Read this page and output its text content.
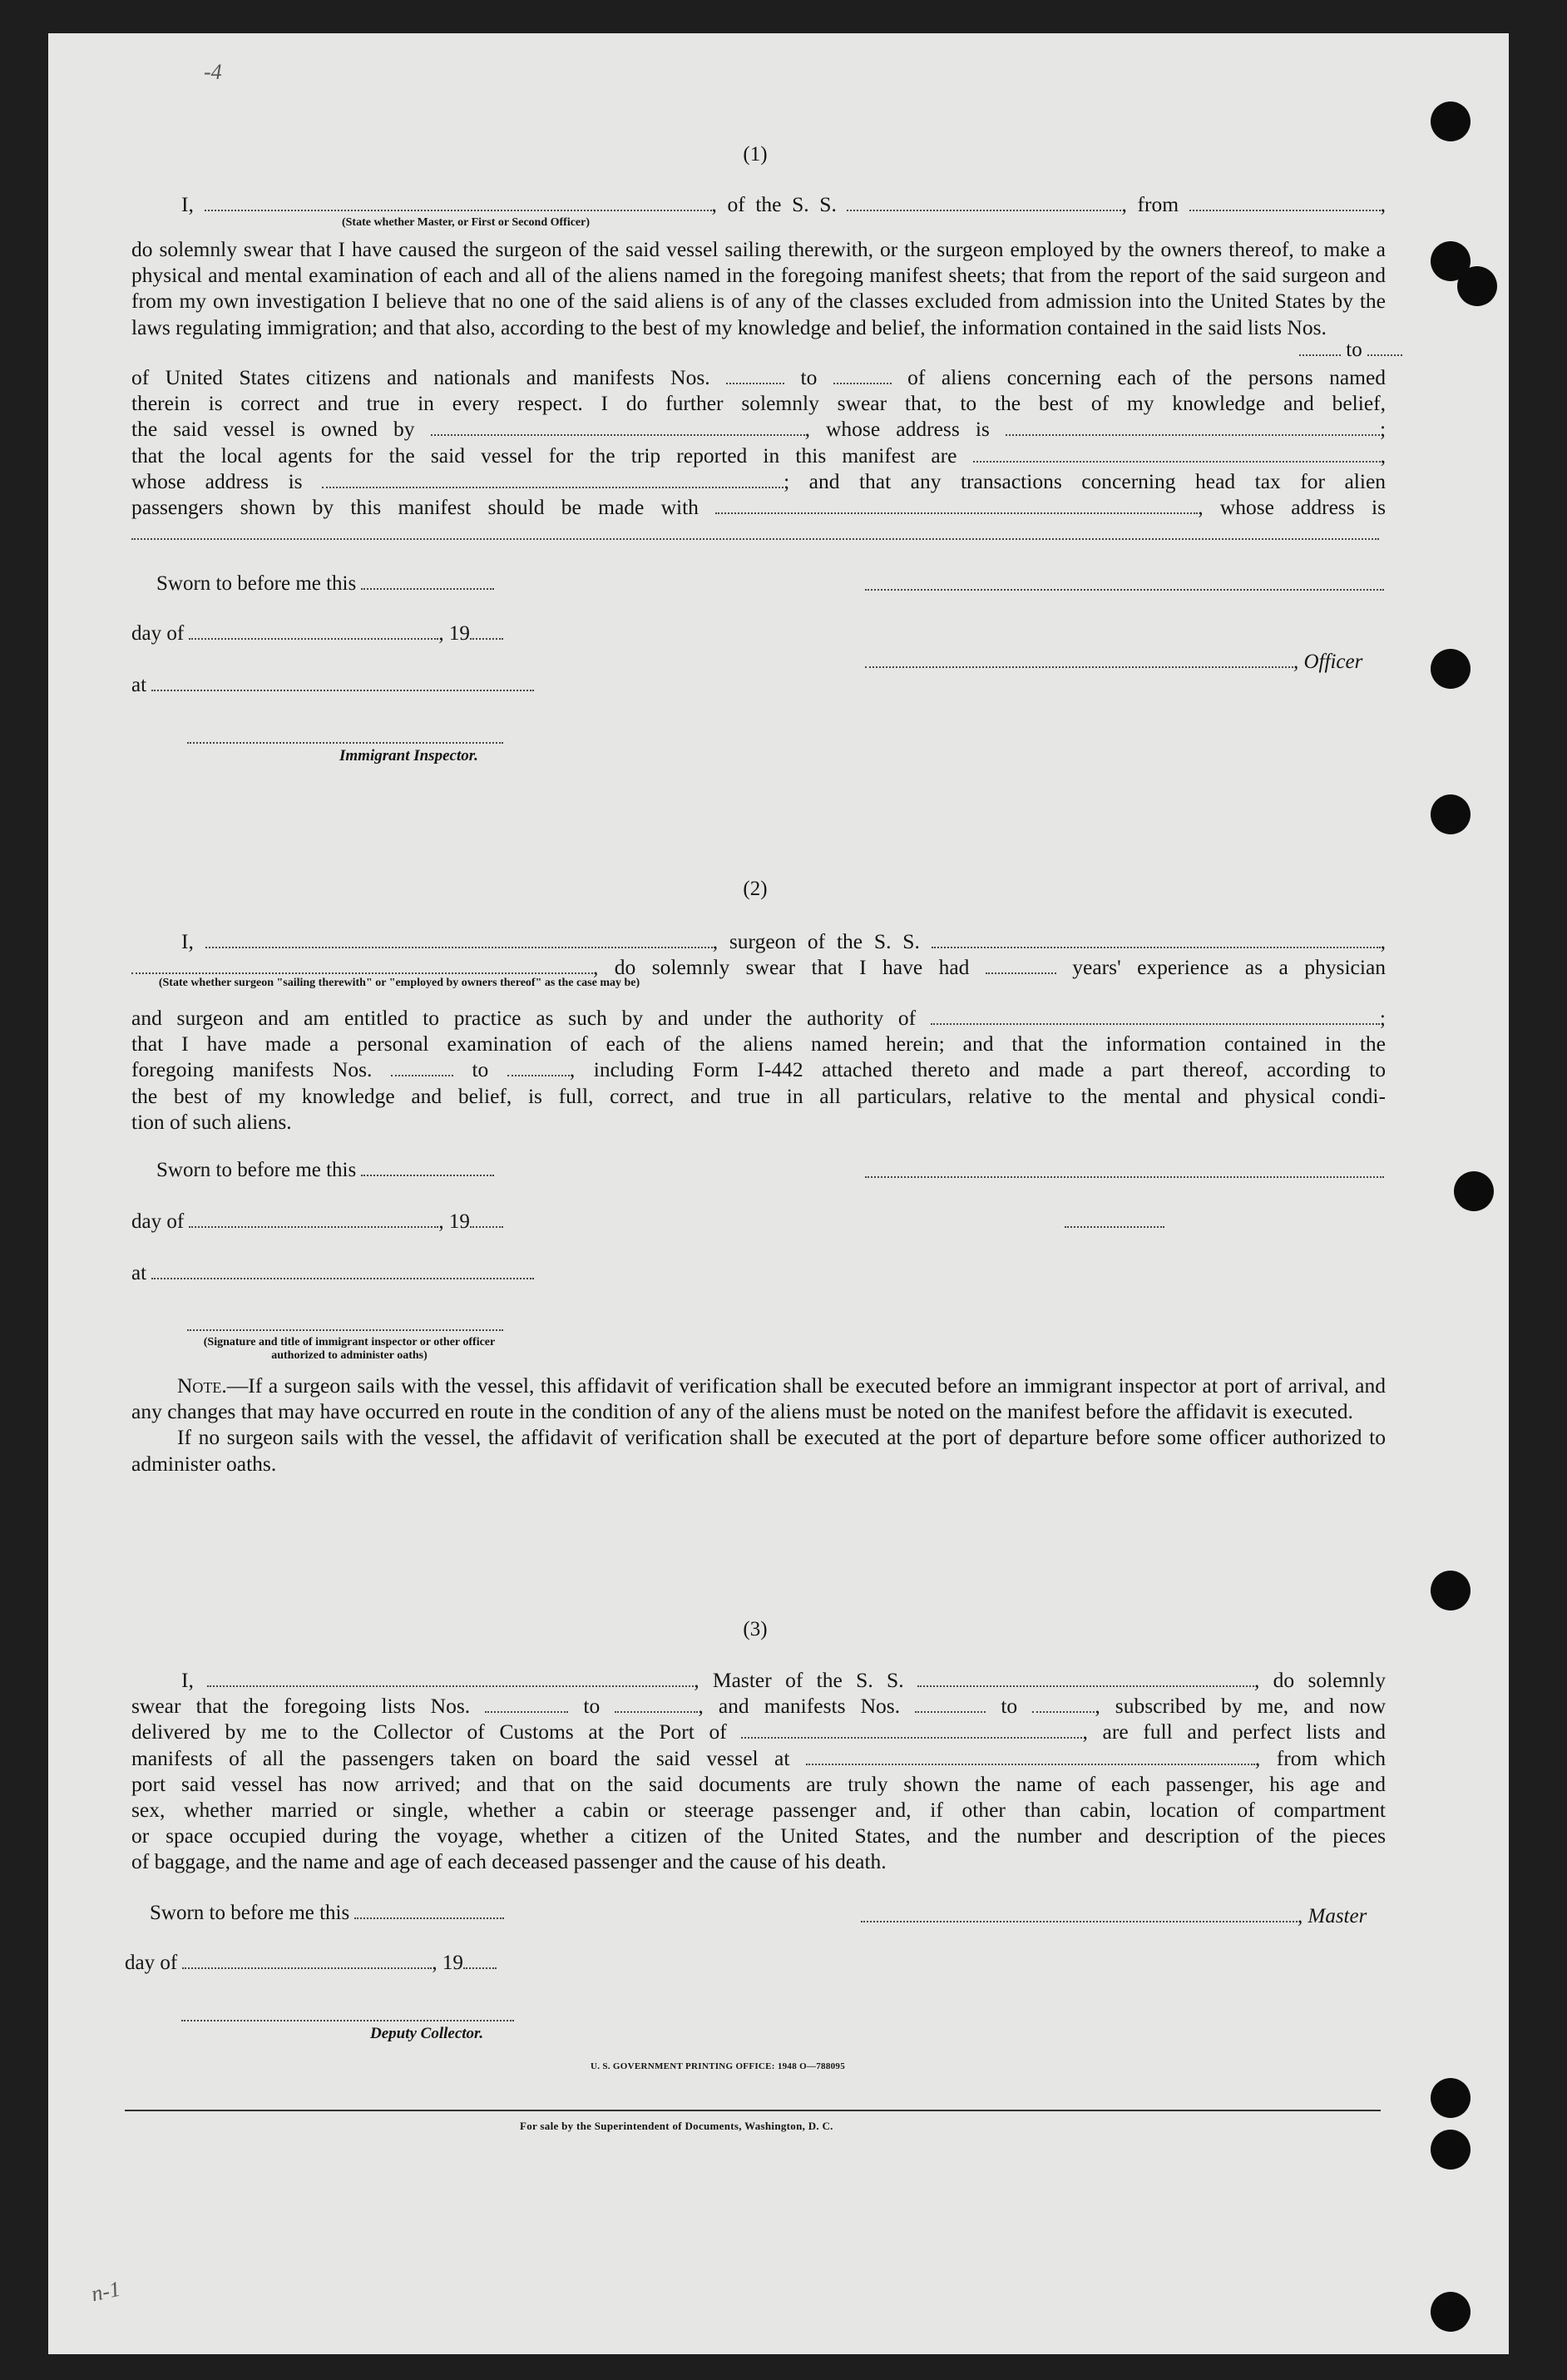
-4
n-1
(1)
I,	, of the S. S.	, from	,
(State whether Master, or First or Second Officer)

do solemnly swear that I have caused the surgeon of the said vessel sailing therewith, or the surgeon employed by the owners thereof, to make a physical and mental examination of each and all of the aliens named in the foregoing manifest sheets; that from the report of the said surgeon and from my own investigation I believe that no one of the said aliens is of any of the classes excluded from admission into the United States by the laws regulating immigration; and that also, according to the best of my knowledge and belief, the information contained in the said lists Nos.

to
of United States citizens and nationals and manifests Nos.	to	of aliens concerning each of the persons named
therein is correct and true in every respect. I do further solemnly swear that, to the best of my knowledge and belief,
the said vessel is owned by	, whose address is	;
that the local agents for the said vessel for the trip reported in this manifest are	,
whose address is	; and that any transactions concerning head tax for alien
passengers shown by this manifest should be made with	, whose address is
Sworn to before me this
day of	, 19
, Officer
at
Immigrant Inspector.
(2)
I,	, surgeon of the S. S.	,
, do solemnly swear that I have had	years' experience as a physician
(State whether surgeon "sailing therewith" or "employed by owners thereof" as the case may be)
and surgeon and am entitled to practice as such by and under the authority of	;
that I have made a personal examination of each of the aliens named herein; and that the information contained in the
foregoing manifests Nos.	to	, including Form I-442 attached thereto and made a part thereof, according to
the best of my knowledge and belief, is full, correct, and true in all particulars, relative to the mental and physical condi-
tion of such aliens.
Sworn to before me this
day of	, 19
at
(Signature and title of immigrant inspector or other officer authorized to administer oaths)

Note.—If a surgeon sails with the vessel, this affidavit of verification shall be executed before an immigrant inspector at port of arrival, and any changes that may have occurred en route in the condition of any of the aliens must be noted on the manifest before the affidavit is executed.

If no surgeon sails with the vessel, the affidavit of verification shall be executed at the port of departure before some officer authorized to administer oaths.

(3)
I,	, Master of the S. S.	, do solemnly
swear that the foregoing lists Nos.	to	, and manifests Nos.	to	, subscribed by me, and now
delivered by me to the Collector of Customs at the Port of	, are full and perfect lists and
manifests of all the passengers taken on board the said vessel at	, from which
port said vessel has now arrived; and that on the said documents are truly shown the name of each passenger, his age and
sex, whether married or single, whether a cabin or steerage passenger and, if other than cabin, location of compartment
or space occupied during the voyage, whether a citizen of the United States, and the number and description of the pieces
of baggage, and the name and age of each deceased passenger and the cause of his death.
Sworn to before me this	, Master
day of	, 19
Deputy Collector.
U. S. GOVERNMENT PRINTING OFFICE: 1948 O—788095
For sale by the Superintendent of Documents, Washington, D. C.
